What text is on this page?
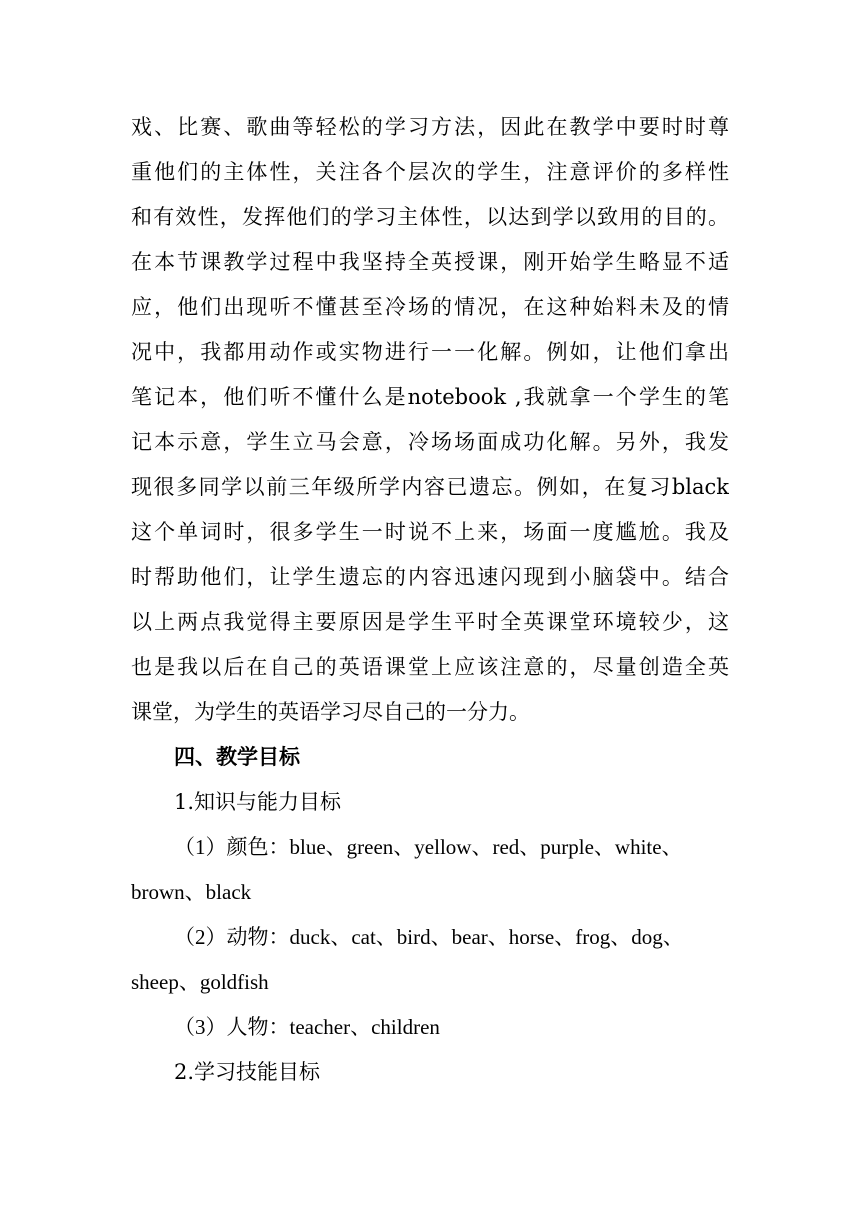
戏、比赛、歌曲等轻松的学习方法，因此在教学中要时时尊
重他们的主体性，关注各个层次的学生，注意评价的多样性
和有效性，发挥他们的学习主体性，以达到学以致用的目的。
在本节课教学过程中我坚持全英授课，刚开始学生略显不适
应，他们出现听不懂甚至冷场的情况，在这种始料未及的情
况中，我都用动作或实物进行一一化解。例如，让他们拿出
笔记本，他们听不懂什么是notebook ,我就拿一个学生的笔
记本示意，学生立马会意，冷场场面成功化解。另外，我发
现很多同学以前三年级所学内容已遗忘。例如，在复习black
这个单词时，很多学生一时说不上来，场面一度尴尬。我及
时帮助他们，让学生遗忘的内容迅速闪现到小脑袋中。结合
以上两点我觉得主要原因是学生平时全英课堂环境较少，这
也是我以后在自己的英语课堂上应该注意的，尽量创造全英
课堂，为学生的英语学习尽自己的一分力。
四、教学目标
1.知识与能力目标
（1）颜色：blue、green、yellow、red、purple、white、
brown、black
（2）动物：duck、cat、bird、bear、horse、frog、dog、
sheep、goldfish
（3）人物：teacher、children
2.学习技能目标
